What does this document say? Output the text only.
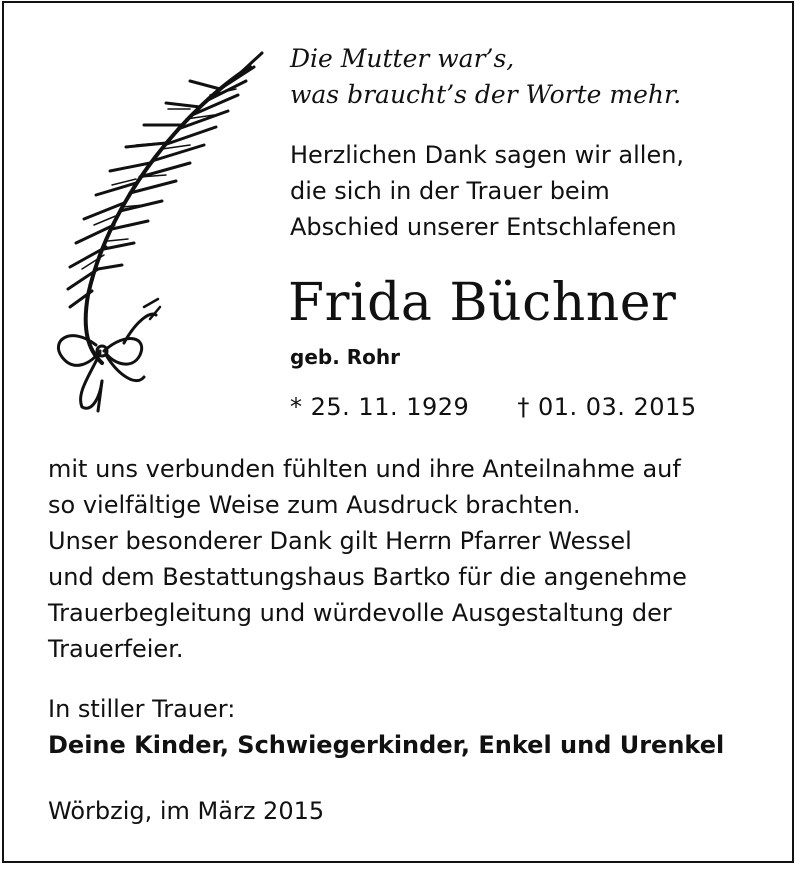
Die Mutter war’s,
was braucht’s der Worte mehr.
Herzlichen Dank sagen wir allen,
die sich in der Trauer beim
Abschied unserer Entschlafenen
Frida Büchner
geb. Rohr
* 25. 11. 1929 † 01. 03. 2015
mit uns verbunden fühlten und ihre Anteilnahme auf
so vielfältige Weise zum Ausdruck brachten.
Unser besonderer Dank gilt Herrn Pfarrer Wessel
und dem Bestattungshaus Bartko für die angenehme
Trauerbegleitung und würdevolle Ausgestaltung der
Trauerfeier.
In stiller Trauer:
Deine Kinder, Schwiegerkinder, Enkel und Urenkel
Wörbzig, im März 2015
